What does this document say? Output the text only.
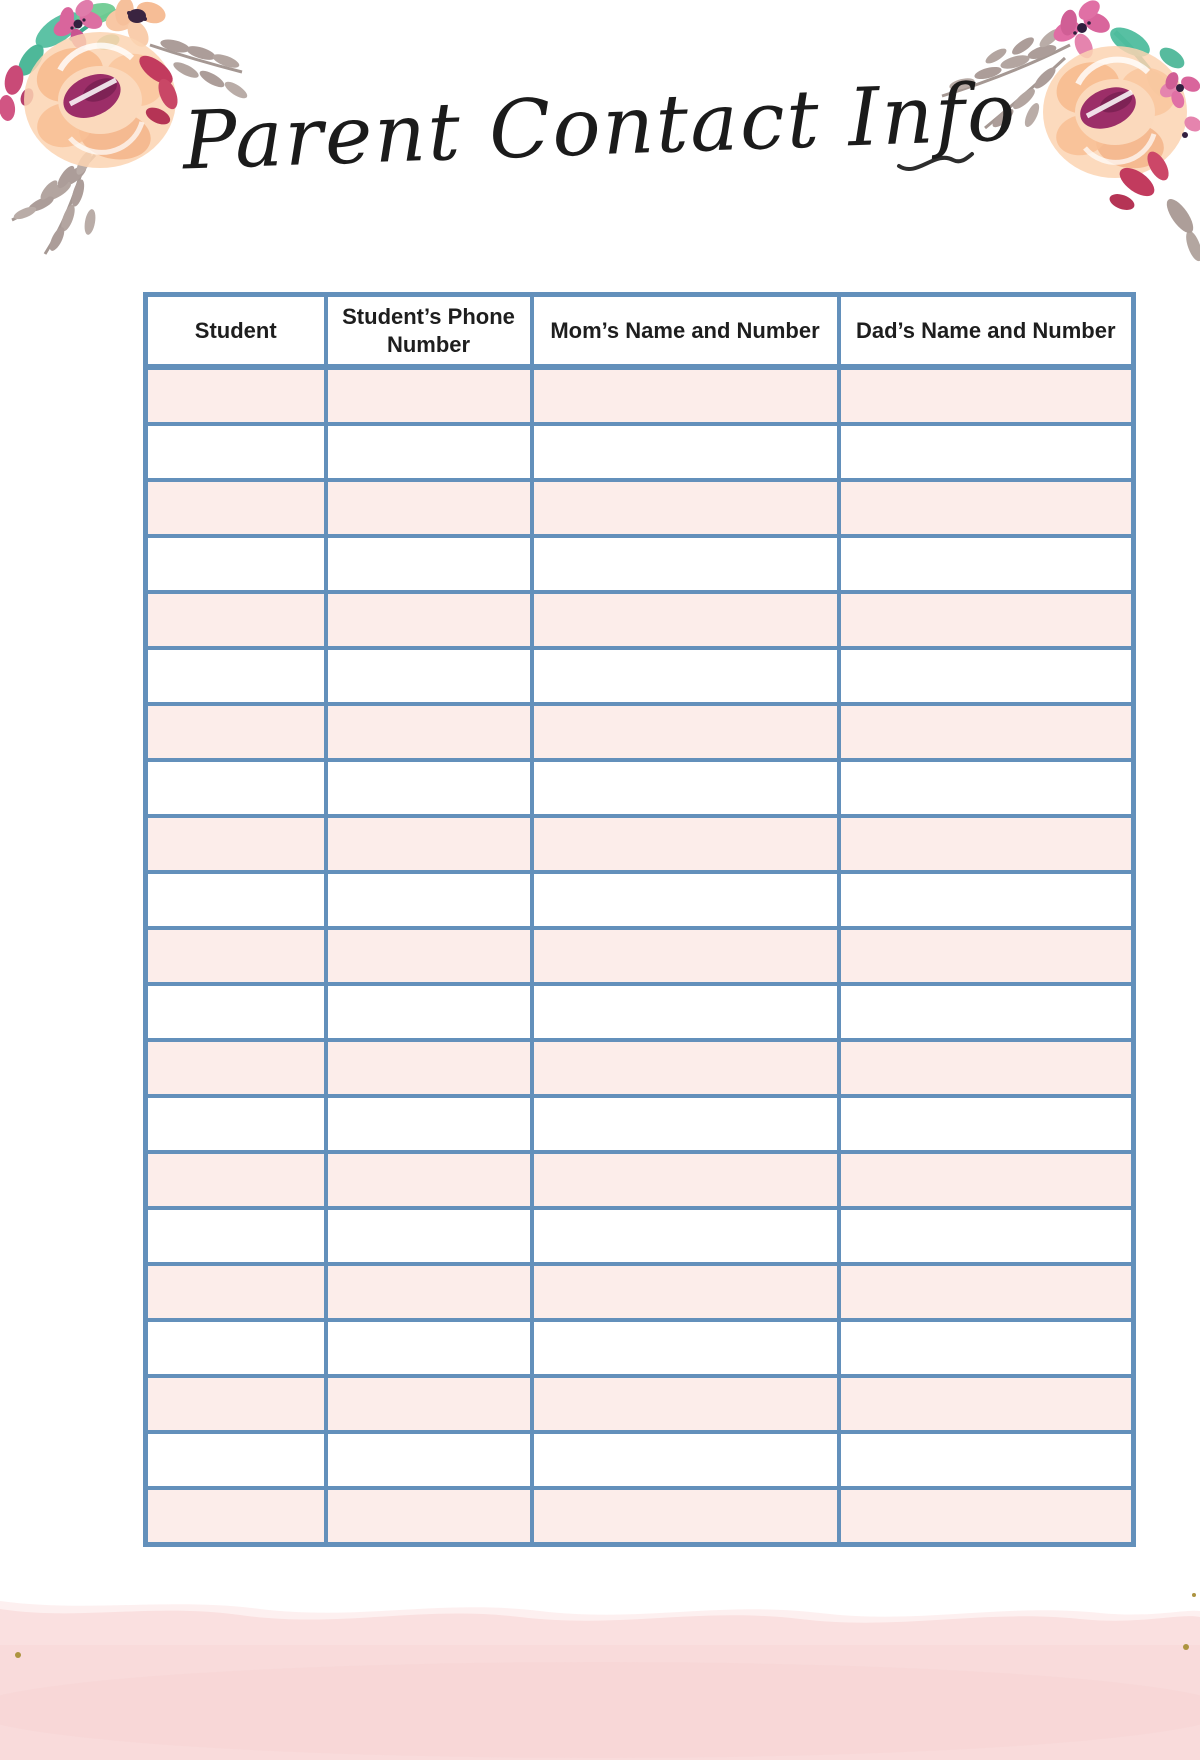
Parent Contact Info
Student	Student’s Phone Number	Mom’s Name and Number	Dad’s Name and Number
